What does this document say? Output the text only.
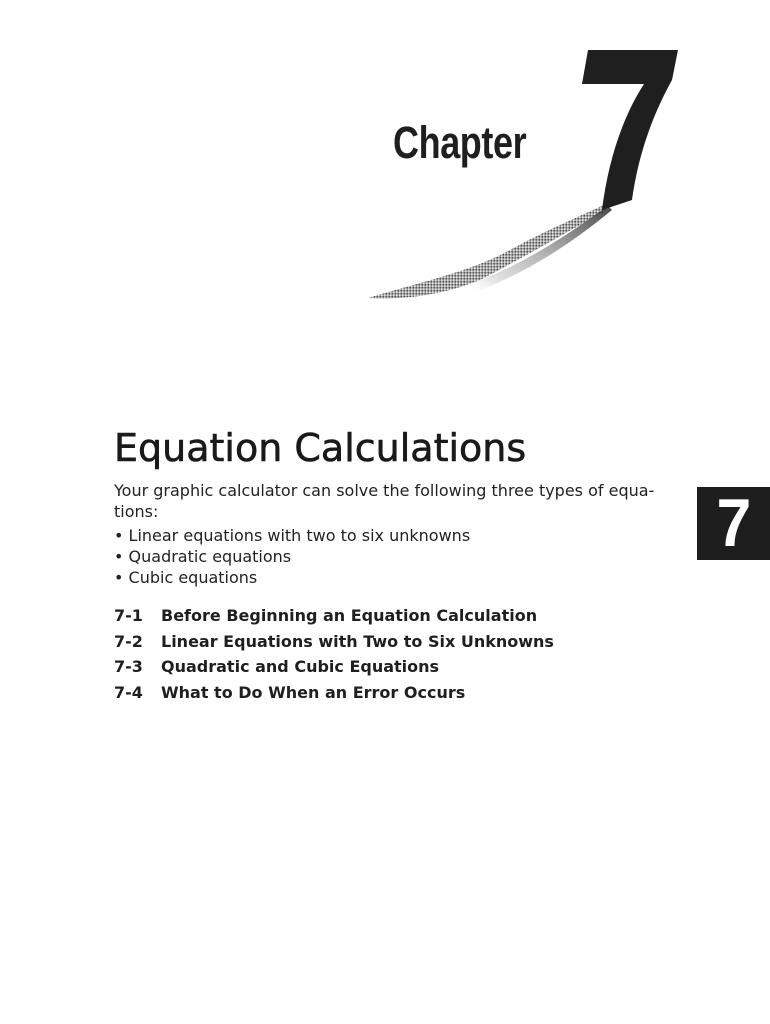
Chapter
Equation Calculations

Your graphic calculator can solve the following three types of equa-
tions:

• Linear equations with two to six unknowns
• Quadratic equations
• Cubic equations
7-1	Before Beginning an Equation Calculation
7-2	Linear Equations with Two to Six Unknowns
7-3	Quadratic and Cubic Equations
7-4	What to Do When an Error Occurs
7
